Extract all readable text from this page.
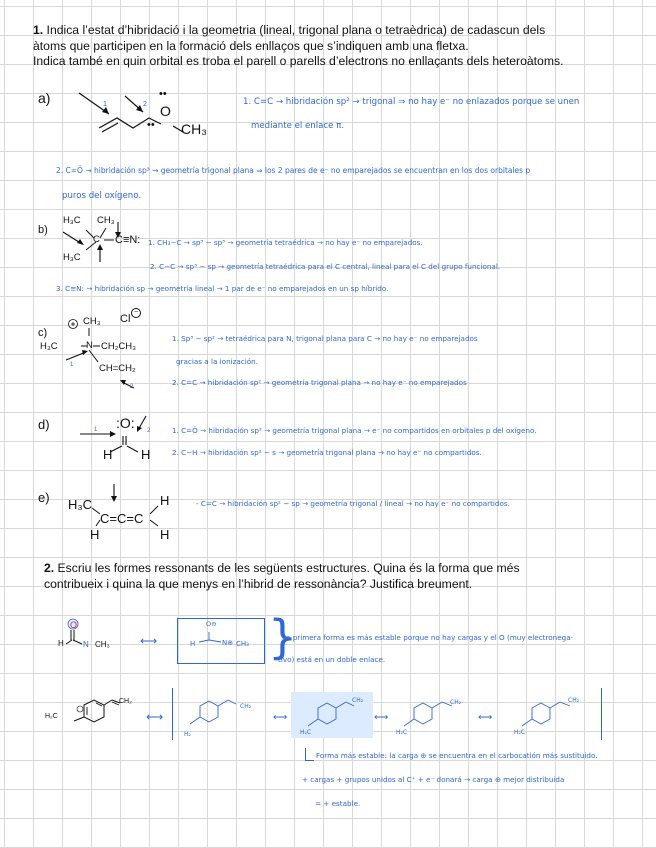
1. Indica l’estat d’hibridació i la geometria (lineal, trigonal plana o tetraèdrica) de cadascun dels
àtoms que participen en la formació dels enllaços que s’indiquen amb una fletxa.
Indica també en quin orbital es troba el parell o parells d’electrons no enllaçants dels heteroàtoms.
a)	1	2
••
••
O
CH₃
1. C=C → hibridación sp² → trigonal ⇒ no hay e⁻ no enlazados porque se unen
mediante el enlace π.
2. C=Ö → hibridación sp³ → geometría trigonal plana ⇒ los 2 pares de e⁻ no emparejados se encuentran en los dos orbitales p
puros del oxígeno.
b)
H₃C CH₃
C C≡N:
H₃C
1. CH₃−C → sp³ − sp³ → geometría tetraédrica → no hay e⁻ no emparejados.
2. C−C → sp³ − sp → geometría tetraédrica para el C central, lineal para el C del grupo funcional.
3. C≡N: → hibridación sp → geometría lineal → 1 par de e⁻ no emparejados en un sp híbrido.
c)
1
2
CH₃ Cl
−
H₃C	N CH₂CH₃
CH=CH₂
1. Sp³ − sp² → tetraédrica para N, trigonal plana para C → no hay e⁻ no emparejados
gracias a la ionización.
2. C=C → hibridación sp² → geometría trigonal plana → no hay e⁻ no emparejados
d)	1	2
:O:
H H
1. C=Ö → hibridación sp² → geometría trigonal plana → e⁻ no compartidos en orbitales p del oxígeno.
2. C−H → hibridación sp² − s → geometría trigonal plana → no hay e⁻ no compartidos.
e) H₃C	H
C=C=C
H	H
- C=C → hibridación sp² − sp → geometría trigonal / lineal → no hay e⁻ no compartidos.
2. Escriu les formes ressonants de les següents estructures. Quina és la forma que més
contribueix i quina la que menys en l’hibrid de ressonància? Justifica breument.
O
H N CH₃	⟷ }
O⊖
H	N⊕ CH₃
La primera forma es más estable porque no hay cargas y el O (muy electronega-
tivo) está en un doble enlace.
H₂C
CH₂
⟷
CH₂
H₂
CH₂
H₂C
CH₂
H₂C
CH₂
H₂C
⟷	⟷	⟷
Forma más estable: la carga ⊕ se encuentra en el carbocatión más sustituido.
+ cargas + grupos unidos al C⁺ + e⁻ donará → carga ⊕ mejor distribuida
= + estable.
